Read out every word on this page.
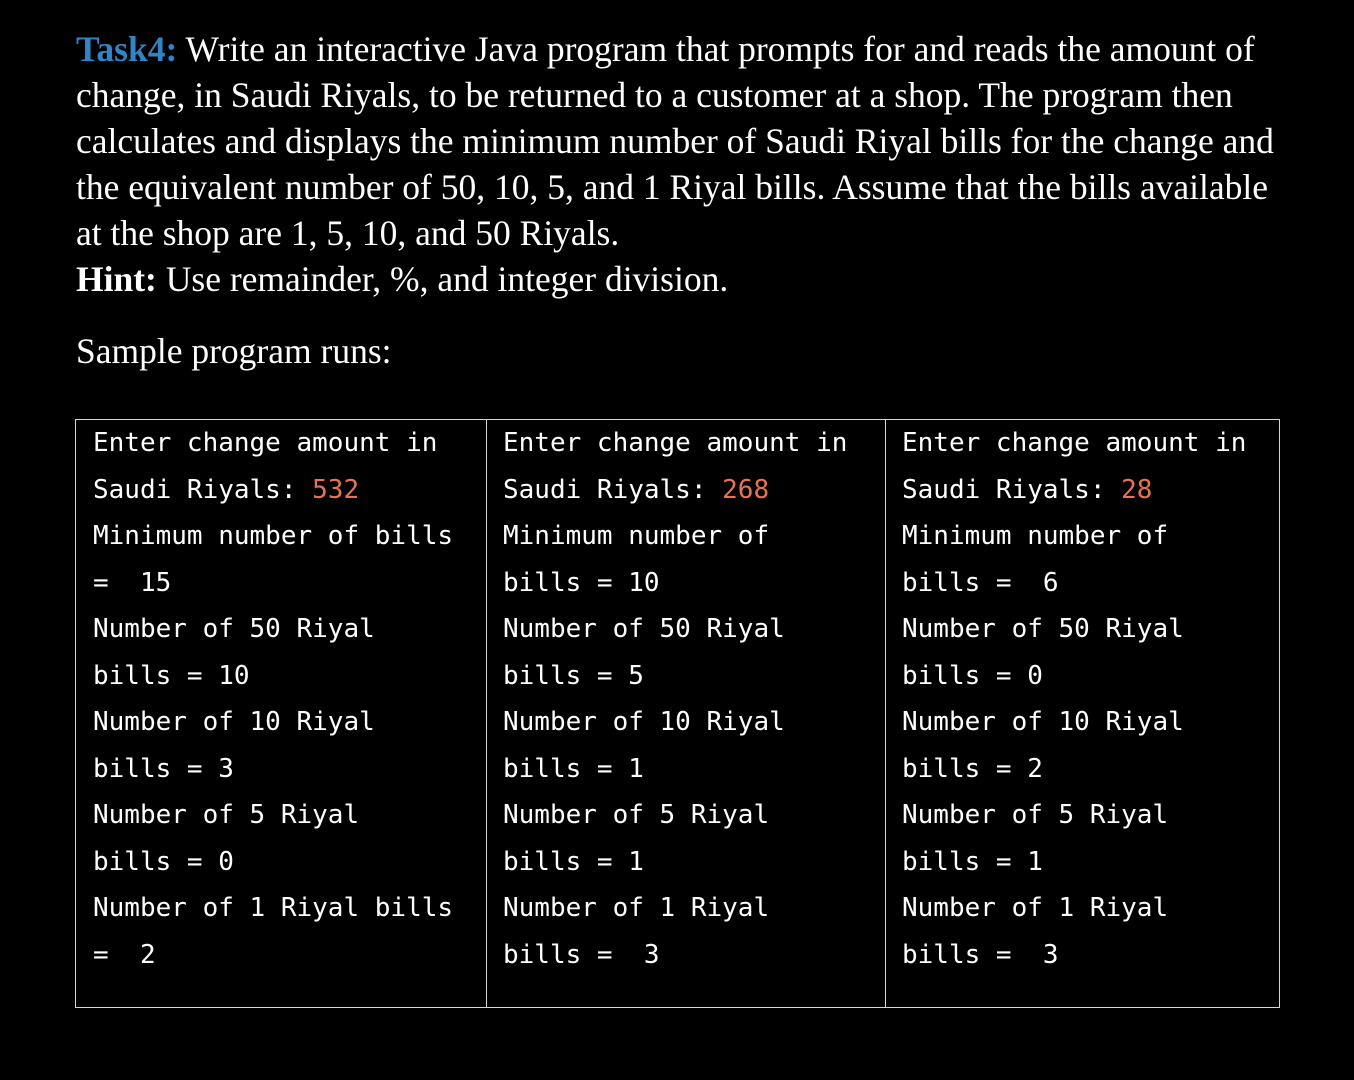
Task4: Write an interactive Java program that prompts for and reads the amount of

change, in Saudi Riyals, to be returned to a customer at a shop. The program then

calculates and displays the minimum number of Saudi Riyal bills for the change and

the equivalent number of 50, 10, 5, and 1 Riyal bills. Assume that the bills available

at the shop are 1, 5, 10, and 50 Riyals.

Hint: Use remainder, %, and integer division.

Sample program runs:
Enter change amount in
Saudi Riyals: 532
Minimum number of bills
=  15
Number of 50 Riyal
bills = 10
Number of 10 Riyal
bills = 3
Number of 5 Riyal
bills = 0
Number of 1 Riyal bills
=  2
Enter change amount in
Saudi Riyals: 268
Minimum number of
bills = 10
Number of 50 Riyal
bills = 5
Number of 10 Riyal
bills = 1
Number of 5 Riyal
bills = 1
Number of 1 Riyal
bills =  3
Enter change amount in
Saudi Riyals: 28
Minimum number of
bills =  6
Number of 50 Riyal
bills = 0
Number of 10 Riyal
bills = 2
Number of 5 Riyal
bills = 1
Number of 1 Riyal
bills =  3
